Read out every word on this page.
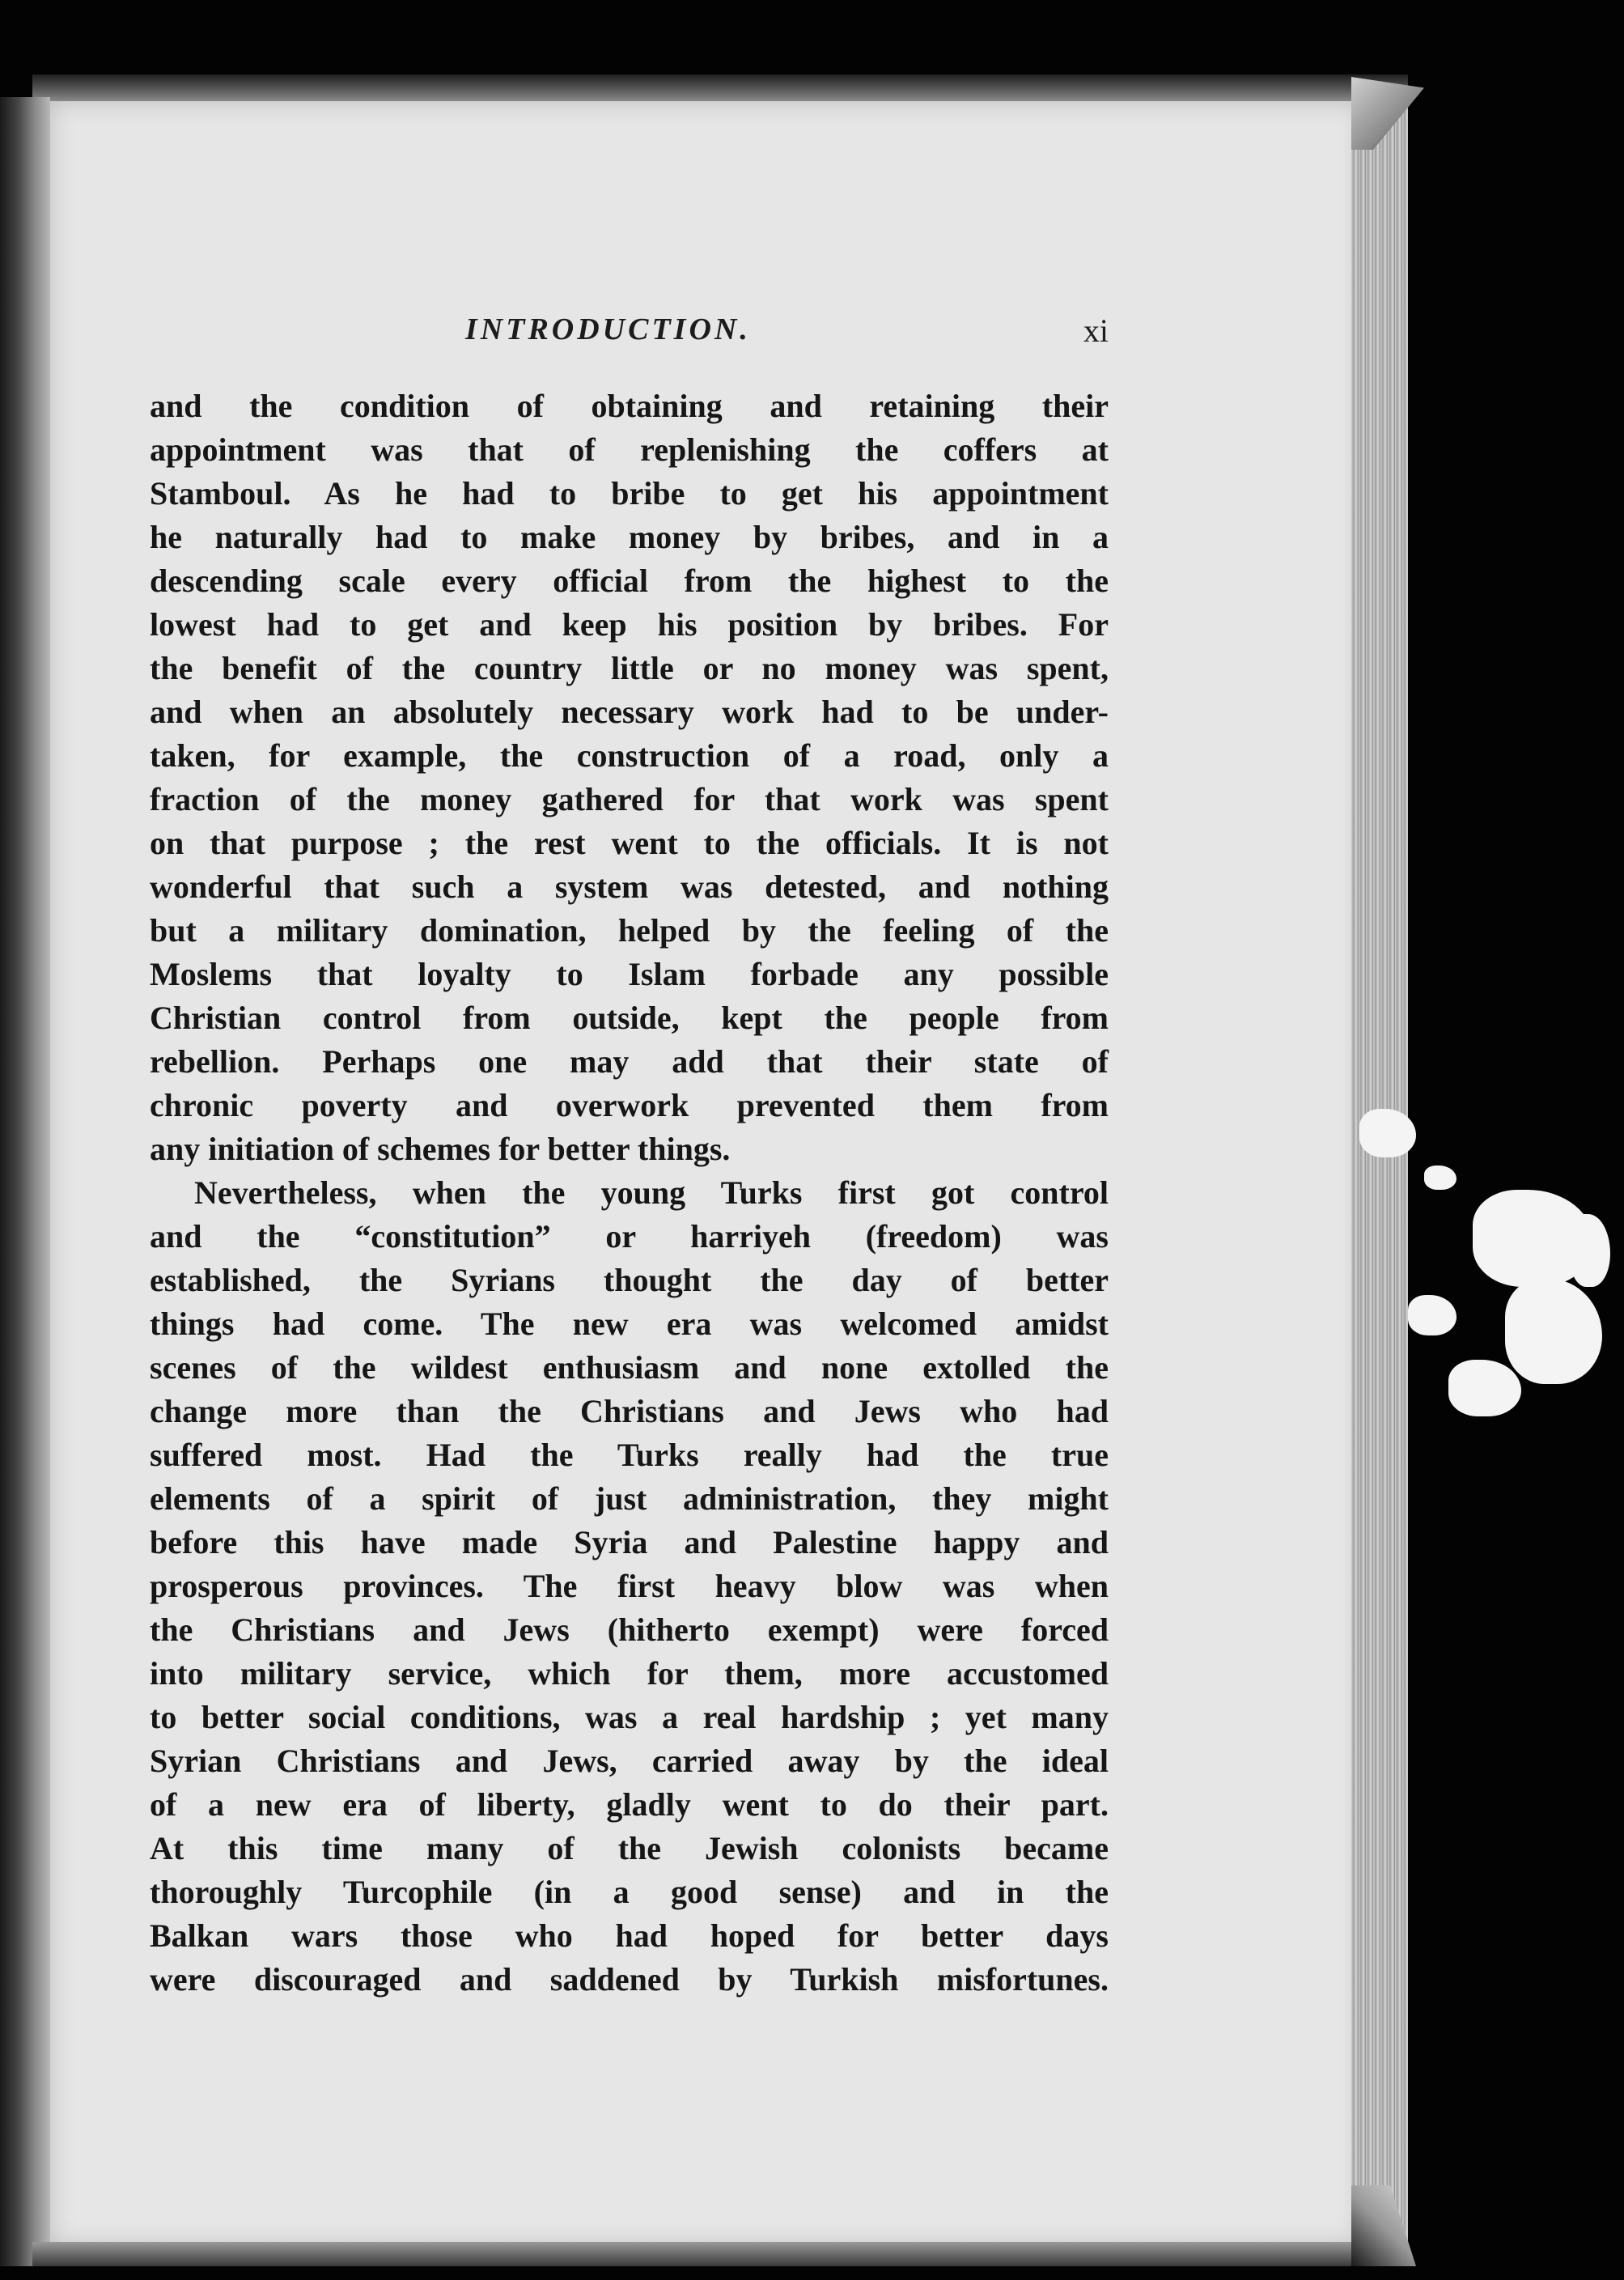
INTRODUCTION.	xi
and the condition of obtaining and retaining their
appointment was that of replenishing the coffers at
Stamboul. As he had to bribe to get his appointment
he naturally had to make money by bribes, and in a
descending scale every official from the highest to the
lowest had to get and keep his position by bribes. For
the benefit of the country little or no money was spent,
and when an absolutely necessary work had to be under-
taken, for example, the construction of a road, only a
fraction of the money gathered for that work was spent
on that purpose ; the rest went to the officials. It is not
wonderful that such a system was detested, and nothing
but a military domination, helped by the feeling of the
Moslems that loyalty to Islam forbade any possible
Christian control from outside, kept the people from
rebellion. Perhaps one may add that their state of
chronic poverty and overwork prevented them from
any initiation of schemes for better things.
Nevertheless, when the young Turks first got control
and the “constitution” or harriyeh (freedom) was
established, the Syrians thought the day of better
things had come. The new era was welcomed amidst
scenes of the wildest enthusiasm and none extolled the
change more than the Christians and Jews who had
suffered most. Had the Turks really had the true
elements of a spirit of just administration, they might
before this have made Syria and Palestine happy and
prosperous provinces. The first heavy blow was when
the Christians and Jews (hitherto exempt) were forced
into military service, which for them, more accustomed
to better social conditions, was a real hardship ; yet many
Syrian Christians and Jews, carried away by the ideal
of a new era of liberty, gladly went to do their part.
At this time many of the Jewish colonists became
thoroughly Turcophile (in a good sense) and in the
Balkan wars those who had hoped for better days
were discouraged and saddened by Turkish misfortunes.
